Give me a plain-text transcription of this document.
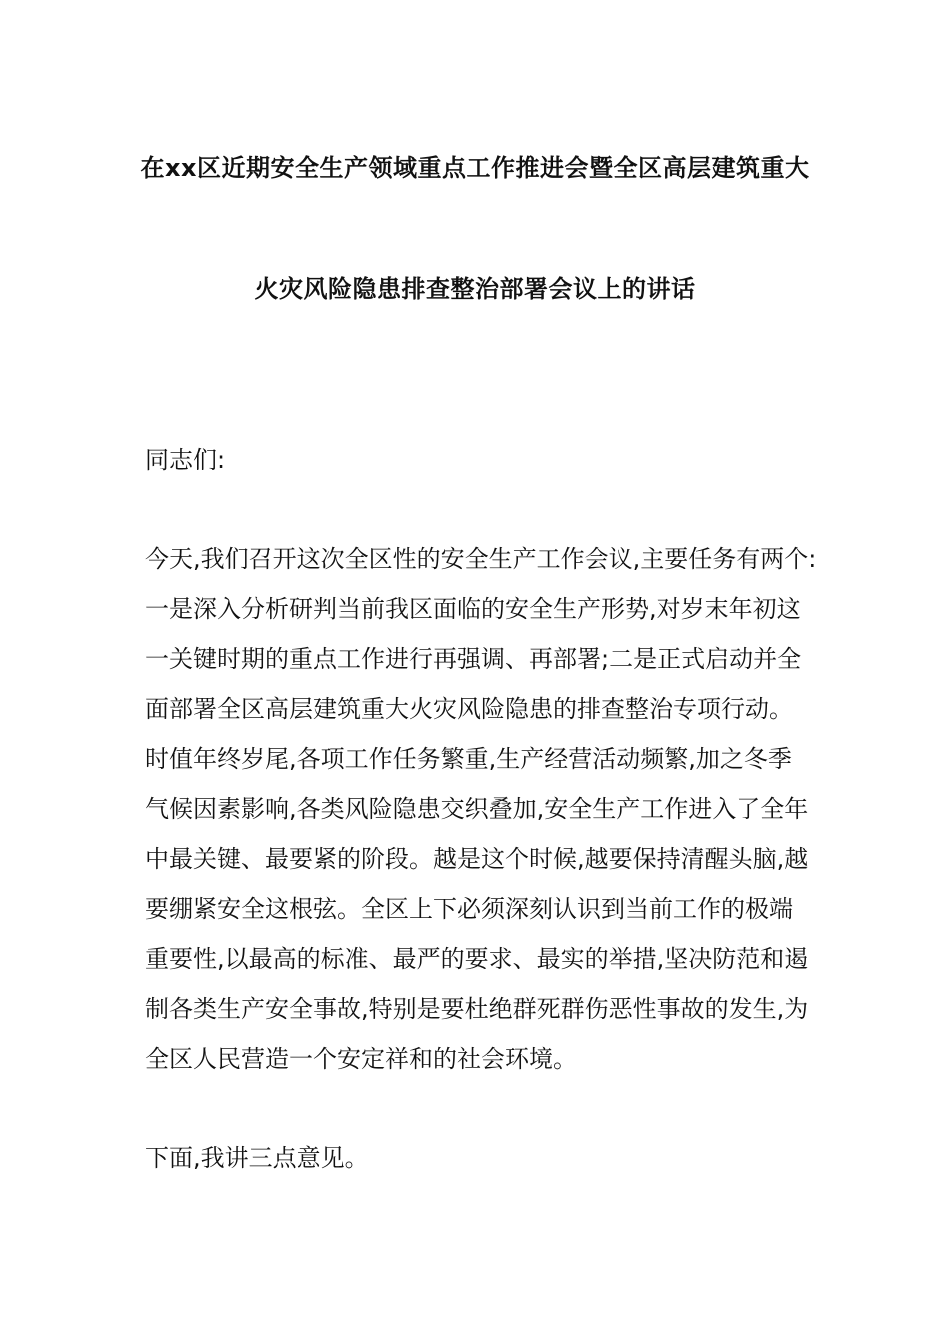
在xx区近期安全生产领域重点工作推进会暨全区高层建筑重大
火灾风险隐患排查整治部署会议上的讲话
同志们:
今天,我们召开这次全区性的安全生产工作会议,主要任务有两个:
一是深入分析研判当前我区面临的安全生产形势,对岁末年初这
一关键时期的重点工作进行再强调、再部署;二是正式启动并全
面部署全区高层建筑重大火灾风险隐患的排查整治专项行动。
时值年终岁尾,各项工作任务繁重,生产经营活动频繁,加之冬季
气候因素影响,各类风险隐患交织叠加,安全生产工作进入了全年
中最关键、最要紧的阶段。越是这个时候,越要保持清醒头脑,越
要绷紧安全这根弦。全区上下必须深刻认识到当前工作的极端
重要性,以最高的标准、最严的要求、最实的举措,坚决防范和遏
制各类生产安全事故,特别是要杜绝群死群伤恶性事故的发生,为
全区人民营造一个安定祥和的社会环境。
下面,我讲三点意见。
